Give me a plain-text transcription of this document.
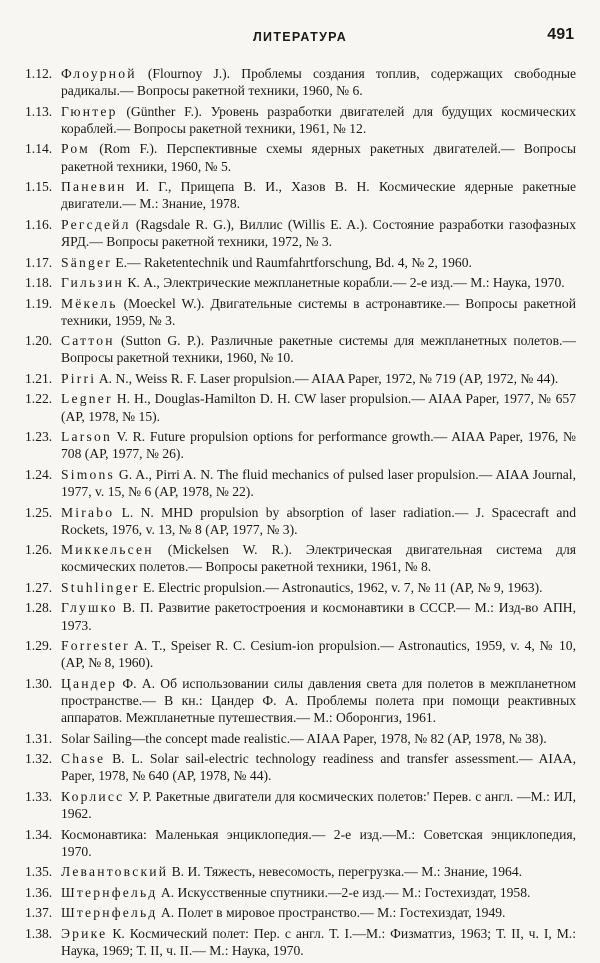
ЛИТЕРАТУРА	491
1.12. Флоурной (Flournoy J.). Проблемы создания топлив, содержащих свободные радикалы.— Вопросы ракетной техники, 1960, № 6.
1.13. Гюнтер (Günther F.). Уровень разработки двигателей для будущих космических кораблей.— Вопросы ракетной техники, 1961, № 12.
1.14. Ром (Rom F.). Перспективные схемы ядерных ракетных двигателей.— Вопросы ракетной техники, 1960, № 5.
1.15. Паневин И. Г., Прищепа В. И., Хазов В. Н. Космические ядерные ракетные двигатели.— М.: Знание, 1978.
1.16. Регсдейл (Ragsdale R. G.), Виллис (Willis E. A.). Состояние разработки газофазных ЯРД.— Вопросы ракетной техники, 1972, № 3.
1.17. Sänger E.— Raketentechnik und Raumfahrtforschung, Bd. 4, № 2, 1960.
1.18. Гильзин К. А., Электрические межпланетные корабли.— 2-е изд.— М.: Наука, 1970.
1.19. Мёкель (Moeckel W.). Двигательные системы в астронавтике.— Вопросы ракетной техники, 1959, № 3.
1.20. Саттон (Sutton G. P.). Различные ракетные системы для межпланетных полетов.— Вопросы ракетной техники, 1960, № 10.
1.21. Pirri A. N., Weiss R. F. Laser propulsion.— AIAA Paper, 1972, № 719 (AP, 1972, № 44).
1.22. Legner H. H., Douglas-Hamilton D. H. CW laser propulsion.— AIAA Paper, 1977, № 657 (AP, 1978, № 15).
1.23. Larson V. R. Future propulsion options for performance growth.— AIAA Paper, 1976, № 708 (AP, 1977, № 26).
1.24. Simons G. A., Pirri A. N. The fluid mechanics of pulsed laser propulsion.— AIAA Journal, 1977, v. 15, № 6 (AP, 1978, № 22).
1.25. Mirabo L. N. MHD propulsion by absorption of laser radiation.— J. Spacecraft and Rockets, 1976, v. 13, № 8 (AP, 1977, № 3).
1.26. Миккельсен (Mickelsen W. R.). Электрическая двигательная система для космических полетов.— Вопросы ракетной техники, 1961, № 8.
1.27. Stuhlinger E. Electric propulsion.— Astronautics, 1962, v. 7, № 11 (AP, № 9, 1963).
1.28. Глушко В. П. Развитие ракетостроения и космонавтики в СССР.— М.: Изд-во АПН, 1973.
1.29. Forrester A. T., Speiser R. C. Cesium-ion propulsion.— Astronautics, 1959, v. 4, № 10, (AP, № 8, 1960).
1.30. Цандер Ф. А. Об использовании силы давления света для полетов в межпланетном пространстве.— В кн.: Цандер Ф. А. Проблемы полета при помощи реактивных аппаратов. Межпланетные путешествия.— М.: Оборонгиз, 1961.
1.31. Solar Sailing—the concept made realistic.— AIAA Paper, 1978, № 82 (AP, 1978, № 38).
1.32. Chase B. L. Solar sail-electric technology readiness and transfer assessment.— AIAA, Paper, 1978, № 640 (AP, 1978, № 44).
1.33. Корлисс У. Р. Ракетные двигатели для космических полетов:' Перев. с англ. —М.: ИЛ, 1962.
1.34. Космонавтика: Маленькая энциклопедия.— 2-е изд.—М.: Советская энциклопедия, 1970.
1.35. Левантовский В. И. Тяжесть, невесомость, перегрузка.— М.: Знание, 1964.
1.36. Штернфельд А. Искусственные спутники.—2-е изд.— М.: Гостехиздат, 1958.
1.37. Штернфельд А. Полет в мировое пространство.— М.: Гостехиздат, 1949.
1.38. Эрике К. Космический полет: Пер. с англ. Т. I.—М.: Физматгиз, 1963; Т. II, ч. I, М.: Наука, 1969; Т. II, ч. II.— М.: Наука, 1970.
